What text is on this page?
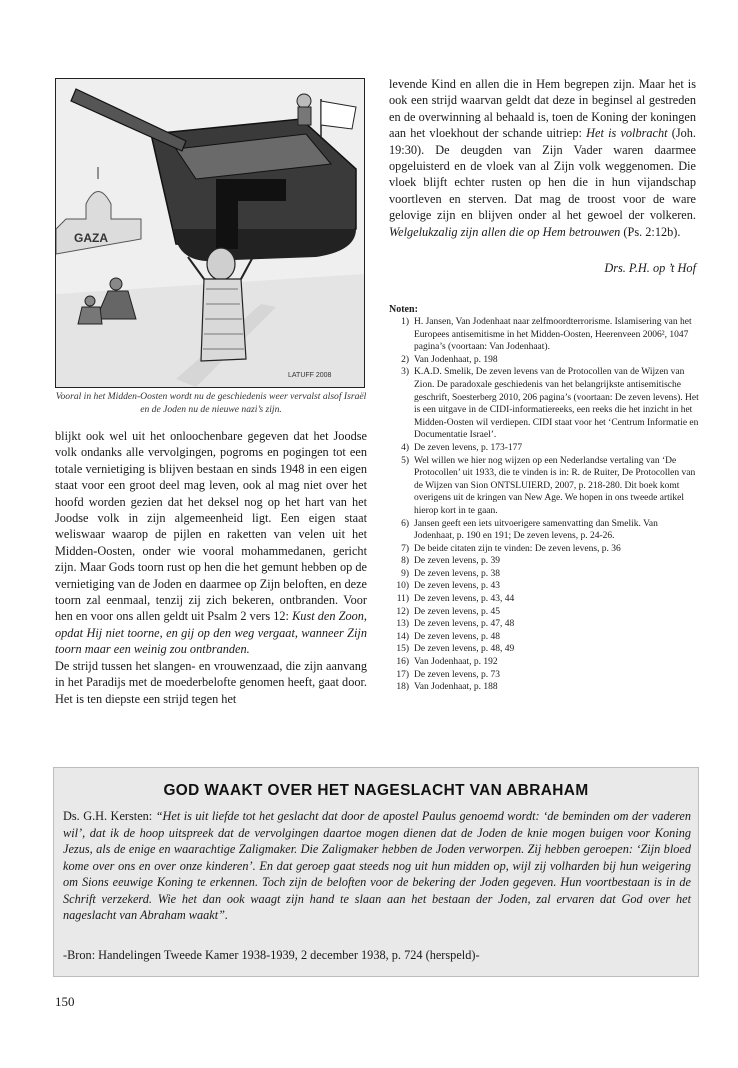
GAZA
LATUFF 2008
Vooral in het Midden-Oosten wordt nu de geschiedenis weer vervalst alsof Israël en de Joden nu de nieuwe nazi’s zijn.

blijkt ook wel uit het onloochenbare gegeven dat het Joodse volk ondanks alle vervolgingen, pogroms en pogingen tot een totale vernietiging is blijven bestaan en sinds 1948 in een eigen staat voor een groot deel mag leven, ook al mag niet over het hoofd worden gezien dat het deksel nog op het hart van het Joodse volk in zijn algemeenheid ligt. Een eigen staat weliswaar waarop de pijlen en raketten van velen uit het Midden-Oosten, onder wie vooral mohammedanen, gericht zijn. Maar Gods toorn rust op hen die het gemunt hebben op de vernietiging van de Joden en daarmee op Zijn beloften, en deze toorn zal eenmaal, tenzij zij zich bekeren, ontbranden. Voor hen en voor ons allen geldt uit Psalm 2 vers 12: Kust den Zoon, opdat Hij niet toorne, en gij op den weg vergaat, wanneer Zijn toorn maar een weinig zou ontbranden.

De strijd tussen het slangen- en vrouwenzaad, die zijn aanvang in het Paradijs met de moederbelofte genomen heeft, gaat door. Het is ten diepste een strijd tegen het

levende Kind en allen die in Hem begrepen zijn. Maar het is ook een strijd waarvan geldt dat deze in beginsel al gestreden en de overwinning al behaald is, toen de Koning der koningen aan het vloekhout der schande uitriep: Het is volbracht (Joh. 19:30). De deugden van Zijn Vader waren daarmee opgeluisterd en de vloek van al Zijn volk weggenomen. Die vloek blijft echter rusten op hen die in hun vijandschap voortleven en sterven. Dat mag de troost voor de ware gelovige zijn en blijven onder al het gewoel der volkeren. Welgelukzalig zijn allen die op Hem betrouwen (Ps. 2:12b).

Drs. P.H. op ’t Hof
Noten:
1) H. Jansen, Van Jodenhaat naar zelfmoordterrorisme. Islamisering van het Europees antisemitisme in het Midden-Oosten, Heerenveen 2006², 1047 pagina’s (voortaan: Van Jodenhaat).
2) Van Jodenhaat, p. 198
3) K.A.D. Smelik, De zeven levens van de Protocollen van de Wijzen van Zion. De paradoxale geschiedenis van het belangrijkste antisemitische geschrift, Soesterberg 2010, 206 pagina’s (voortaan: De zeven levens). Het is een uitgave in de CIDI-informatiereeks, een reeks die het inzicht in het Midden-Oosten wil verdiepen. CIDI staat voor het ‘Centrum Informatie en Documentatie Israel’.
4) De zeven levens, p. 173-177
5) Wel willen we hier nog wijzen op een Nederlandse vertaling van ‘De Protocollen’ uit 1933, die te vinden is in: R. de Ruiter, De Protocollen van de Wijzen van Sion ONTSLUIERD, 2007, p. 218-280. Dit boek komt overigens uit de kringen van New Age. We hopen in ons tweede artikel hierop kort in te gaan.
6) Jansen geeft een iets uitvoerigere samenvatting dan Smelik. Van Jodenhaat, p. 190 en 191; De zeven levens, p. 24-26.
7) De beide citaten zijn te vinden: De zeven levens, p. 36
8) De zeven levens, p. 39
9) De zeven levens, p. 38
10) De zeven levens, p. 43
11) De zeven levens, p. 43, 44
12) De zeven levens, p. 45
13) De zeven levens, p. 47, 48
14) De zeven levens, p. 48
15) De zeven levens, p. 48, 49
16) Van Jodenhaat, p. 192
17) De zeven levens, p. 73
18) Van Jodenhaat, p. 188
GOD WAAKT OVER HET NAGESLACHT VAN ABRAHAM
Ds. G.H. Kersten: “Het is uit liefde tot het geslacht dat door de apostel Paulus genoemd wordt: ‘de beminden om der vaderen wil’, dat ik de hoop uitspreek dat de vervolgingen daartoe mogen dienen dat de Joden de knie mogen buigen voor Koning Jezus, als de enige en waarachtige Zaligmaker. Die Zaligmaker hebben de Joden verworpen. Zij hebben geroepen: ‘Zijn bloed kome over ons en over onze kinderen’. En dat geroep gaat steeds nog uit hun midden op, wijl zij volharden bij hun weigering om Sions eeuwige Koning te erkennen. Toch zijn de beloften voor de bekering der Joden gegeven. Hun voortbestaan is in de Schrift verzekerd. Wie het dan ook waagt zijn hand te slaan aan het bestaan der Joden, zal ervaren dat God over het nageslacht van Abraham waakt”.
-Bron: Handelingen Tweede Kamer 1938-1939, 2 december 1938, p. 724 (herspeld)-
150
